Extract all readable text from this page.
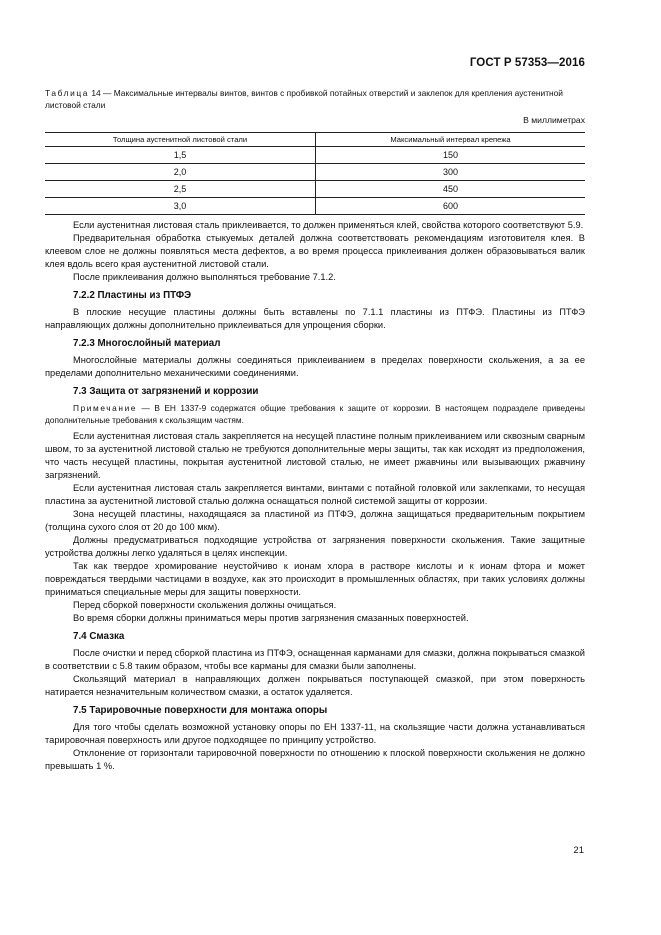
ГОСТ Р 57353—2016

Таблица 14 — Максимальные интервалы винтов, винтов с пробивкой потайных отверстий и заклепок для крепления аустенитной листовой стали

В миллиметрах
Толщина аустенитной листовой стали	Максимальный интервал крепежа
1,5	150
2,0	300
2,5	450
3,0	600

Если аустенитная листовая сталь приклеивается, то должен применяться клей, свойства которого соответствуют 5.9.

Предварительная обработка стыкуемых деталей должна соответствовать рекомендациям изготовителя клея. В клеевом слое не должны появляться места дефектов, а во время процесса приклеивания должен образовываться валик клея вдоль всего края аустенитной листовой стали.

После приклеивания должно выполняться требование 7.1.2.

7.2.2 Пластины из ПТФЭ

В плоские несущие пластины должны быть вставлены по 7.1.1 пластины из ПТФЭ. Пластины из ПТФЭ направляющих должны дополнительно приклеиваться для упрощения сборки.

7.2.3 Многослойный материал

Многослойные материалы должны соединяться приклеиванием в пределах поверхности скольжения, а за ее пределами дополнительно механическими соединениями.

7.3 Защита от загрязнений и коррозии

Примечание — В ЕН 1337-9 содержатся общие требования к защите от коррозии. В настоящем подразделе приведены дополнительные требования к скользящим частям.

Если аустенитная листовая сталь закрепляется на несущей пластине полным приклеиванием или сквозным сварным швом, то за аустенитной листовой сталью не требуются дополнительные меры защиты, так как исходят из предположения, что часть несущей пластины, покрытая аустенитной листовой сталью, не имеет ржавчины или вызывающих ржавчину загрязнений.

Если аустенитная листовая сталь закрепляется винтами, винтами с потайной головкой или заклепками, то несущая пластина за аустенитной листовой сталью должна оснащаться полной системой защиты от коррозии.

Зона несущей пластины, находящаяся за пластиной из ПТФЭ, должна защищаться предварительным покрытием (толщина сухого слоя от 20 до 100 мкм).

Должны предусматриваться подходящие устройства от загрязнения поверхности скольжения. Такие защитные устройства должны легко удаляться в целях инспекции.

Так как твердое хромирование неустойчиво к ионам хлора в растворе кислоты и к ионам фтора и может повреждаться твердыми частицами в воздухе, как это происходит в промышленных областях, при таких условиях должны приниматься специальные меры для защиты поверхности.

Перед сборкой поверхности скольжения должны очищаться.

Во время сборки должны приниматься меры против загрязнения смазанных поверхностей.

7.4 Смазка

После очистки и перед сборкой пластина из ПТФЭ, оснащенная карманами для смазки, должна покрываться смазкой в соответствии с 5.8 таким образом, чтобы все карманы для смазки были заполнены.

Скользящий материал в направляющих должен покрываться поступающей смазкой, при этом поверхность натирается незначительным количеством смазки, а остаток удаляется.

7.5 Тарировочные поверхности для монтажа опоры

Для того чтобы сделать возможной установку опоры по ЕН 1337-11, на скользящие части должна устанавливаться тарировочная поверхность или другое подходящее по принципу устройство.

Отклонение от горизонтали тарировочной поверхности по отношению к плоской поверхности скольжения не должно превышать 1 %.

21
